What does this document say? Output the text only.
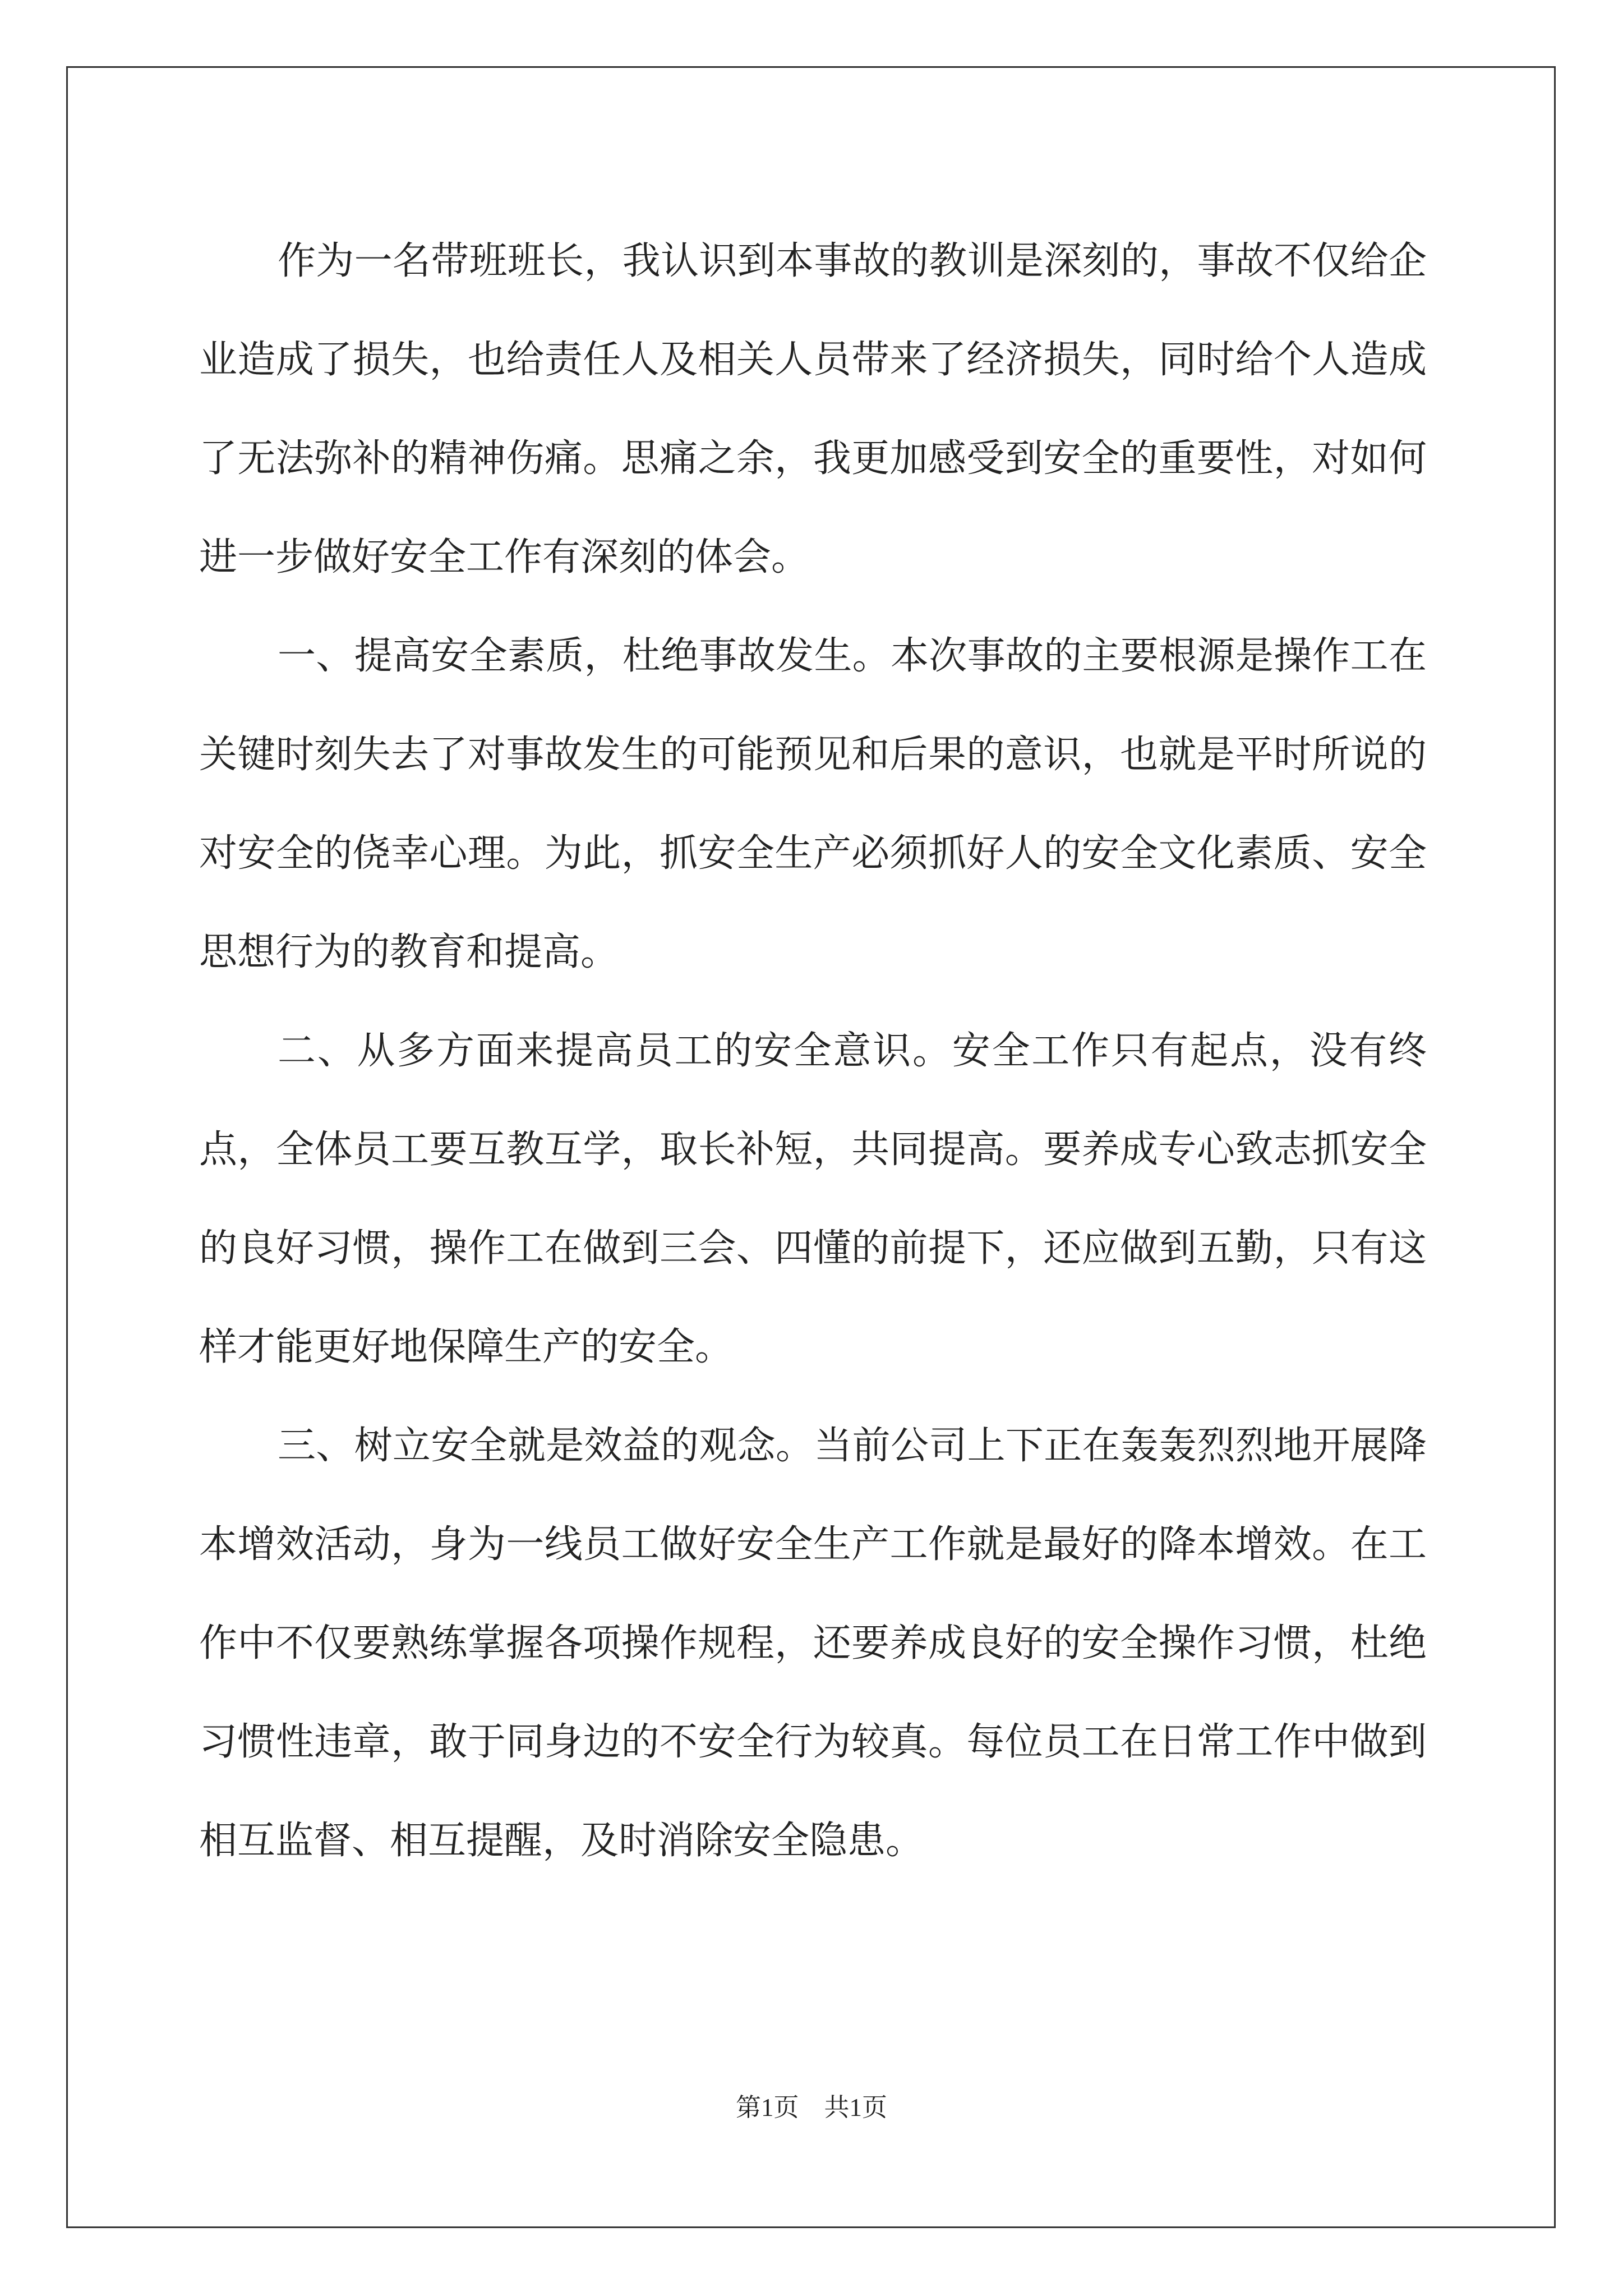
作为一名带班班长，我认识到本事故的教训是深刻的，事故不仅给企业造成了损失，也给责任人及相关人员带来了经济损失，同时给个人造成了无法弥补的精神伤痛。思痛之余，我更加感受到安全的重要性，对如何进一步做好安全工作有深刻的体会。

一、提高安全素质，杜绝事故发生。本次事故的主要根源是操作工在关键时刻失去了对事故发生的可能预见和后果的意识，也就是平时所说的对安全的侥幸心理。为此，抓安全生产必须抓好人的安全文化素质、安全思想行为的教育和提高。

二、从多方面来提高员工的安全意识。安全工作只有起点，没有终点，全体员工要互教互学，取长补短，共同提高。要养成专心致志抓安全的良好习惯，操作工在做到三会、四懂的前提下，还应做到五勤，只有这样才能更好地保障生产的安全。

三、树立安全就是效益的观念。当前公司上下正在轰轰烈烈地开展降本增效活动，身为一线员工做好安全生产工作就是最好的降本增效。在工作中不仅要熟练掌握各项操作规程，还要养成良好的安全操作习惯，杜绝习惯性违章，敢于同身边的不安全行为较真。每位员工在日常工作中做到相互监督、相互提醒，及时消除安全隐患。

第1页　共1页
